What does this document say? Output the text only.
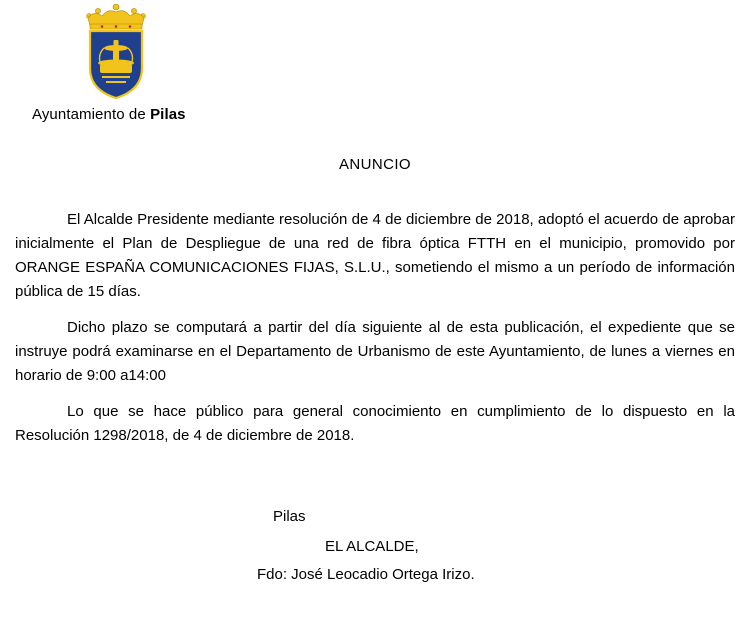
Ayuntamiento de Pilas
ANUNCIO

El Alcalde Presidente mediante resolución de 4 de diciembre de 2018, adoptó el acuerdo de aprobar inicialmente el Plan de Despliegue de una red de fibra óptica FTTH en el municipio, promovido por ORANGE ESPAÑA COMUNICACIONES FIJAS, S.L.U., sometiendo el mismo a un período de información pública de 15 días.

Dicho plazo se computará a partir del día siguiente al de esta publicación, el expediente que se instruye podrá examinarse en el Departamento de Urbanismo de este Ayuntamiento, de lunes a viernes en horario de 9:00 a14:00

Lo que se hace público para general conocimiento en cumplimiento de lo dispuesto en la Resolución 1298/2018, de 4 de diciembre de 2018.

Pilas
EL ALCALDE,
Fdo: José Leocadio Ortega Irizo.
